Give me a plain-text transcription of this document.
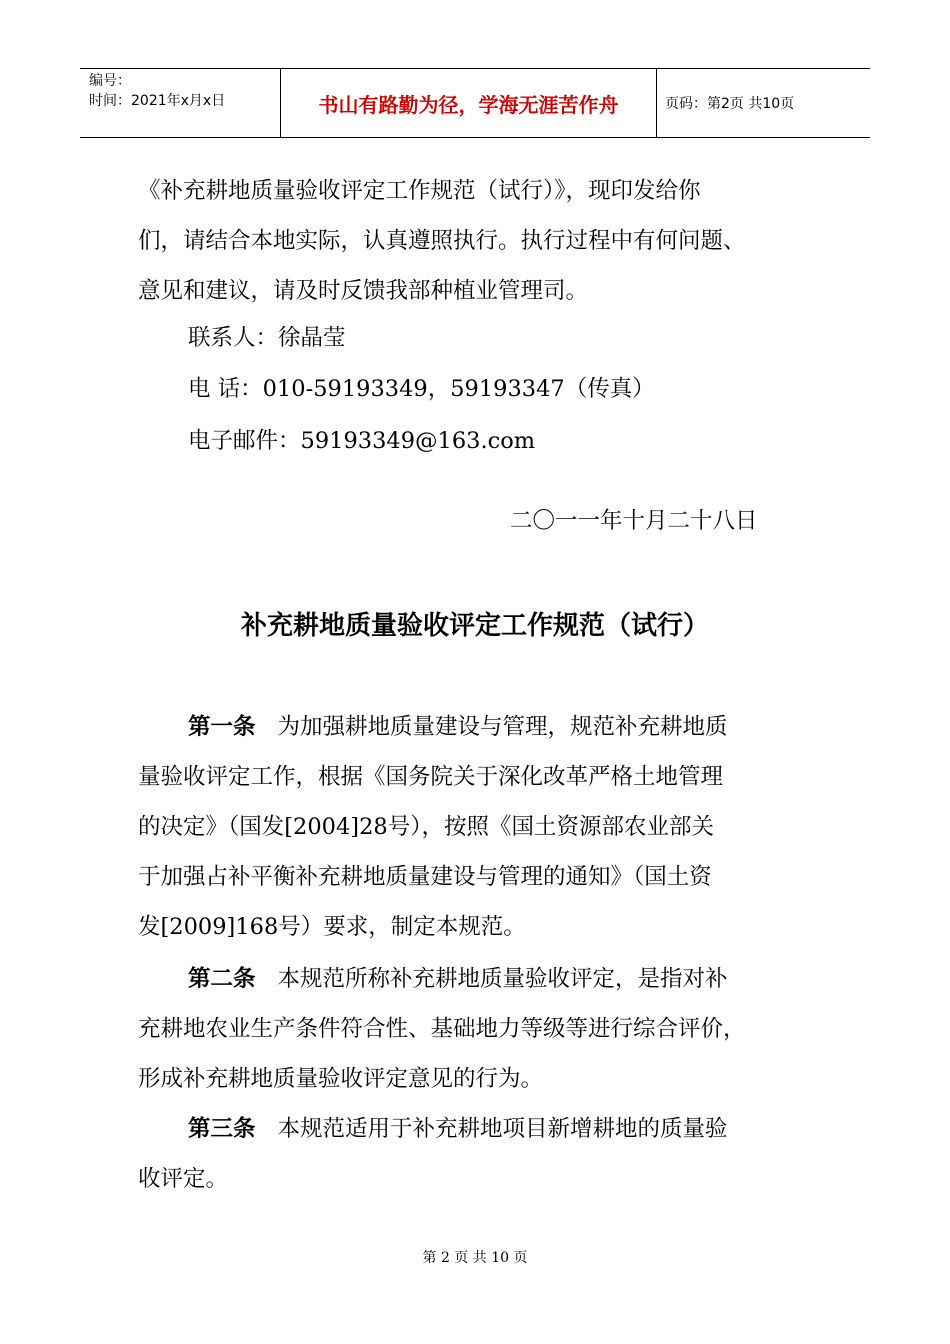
编号：
时间：2021年x月x日	书山有路勤为径，学海无涯苦作舟	页码：第2页 共10页
《补充耕地质量验收评定工作规范（试行）》，现印发给你
们，请结合本地实际，认真遵照执行。执行过程中有何问题、
意见和建议，请及时反馈我部种植业管理司。
联系人：徐晶莹
电 话：010-59193349，59193347（传真）
电子邮件：59193349@163.com
二〇一一年十月二十八日
补充耕地质量验收评定工作规范（试行）
第一条 为加强耕地质量建设与管理，规范补充耕地质
量验收评定工作，根据《国务院关于深化改革严格土地管理
的决定》（国发[2004]28号），按照《国土资源部农业部关
于加强占补平衡补充耕地质量建设与管理的通知》（国土资
发[2009]168号）要求，制定本规范。
第二条 本规范所称补充耕地质量验收评定，是指对补
充耕地农业生产条件符合性、基础地力等级等进行综合评价，
形成补充耕地质量验收评定意见的行为。
第三条 本规范适用于补充耕地项目新增耕地的质量验
收评定。
第 2 页 共 10 页
